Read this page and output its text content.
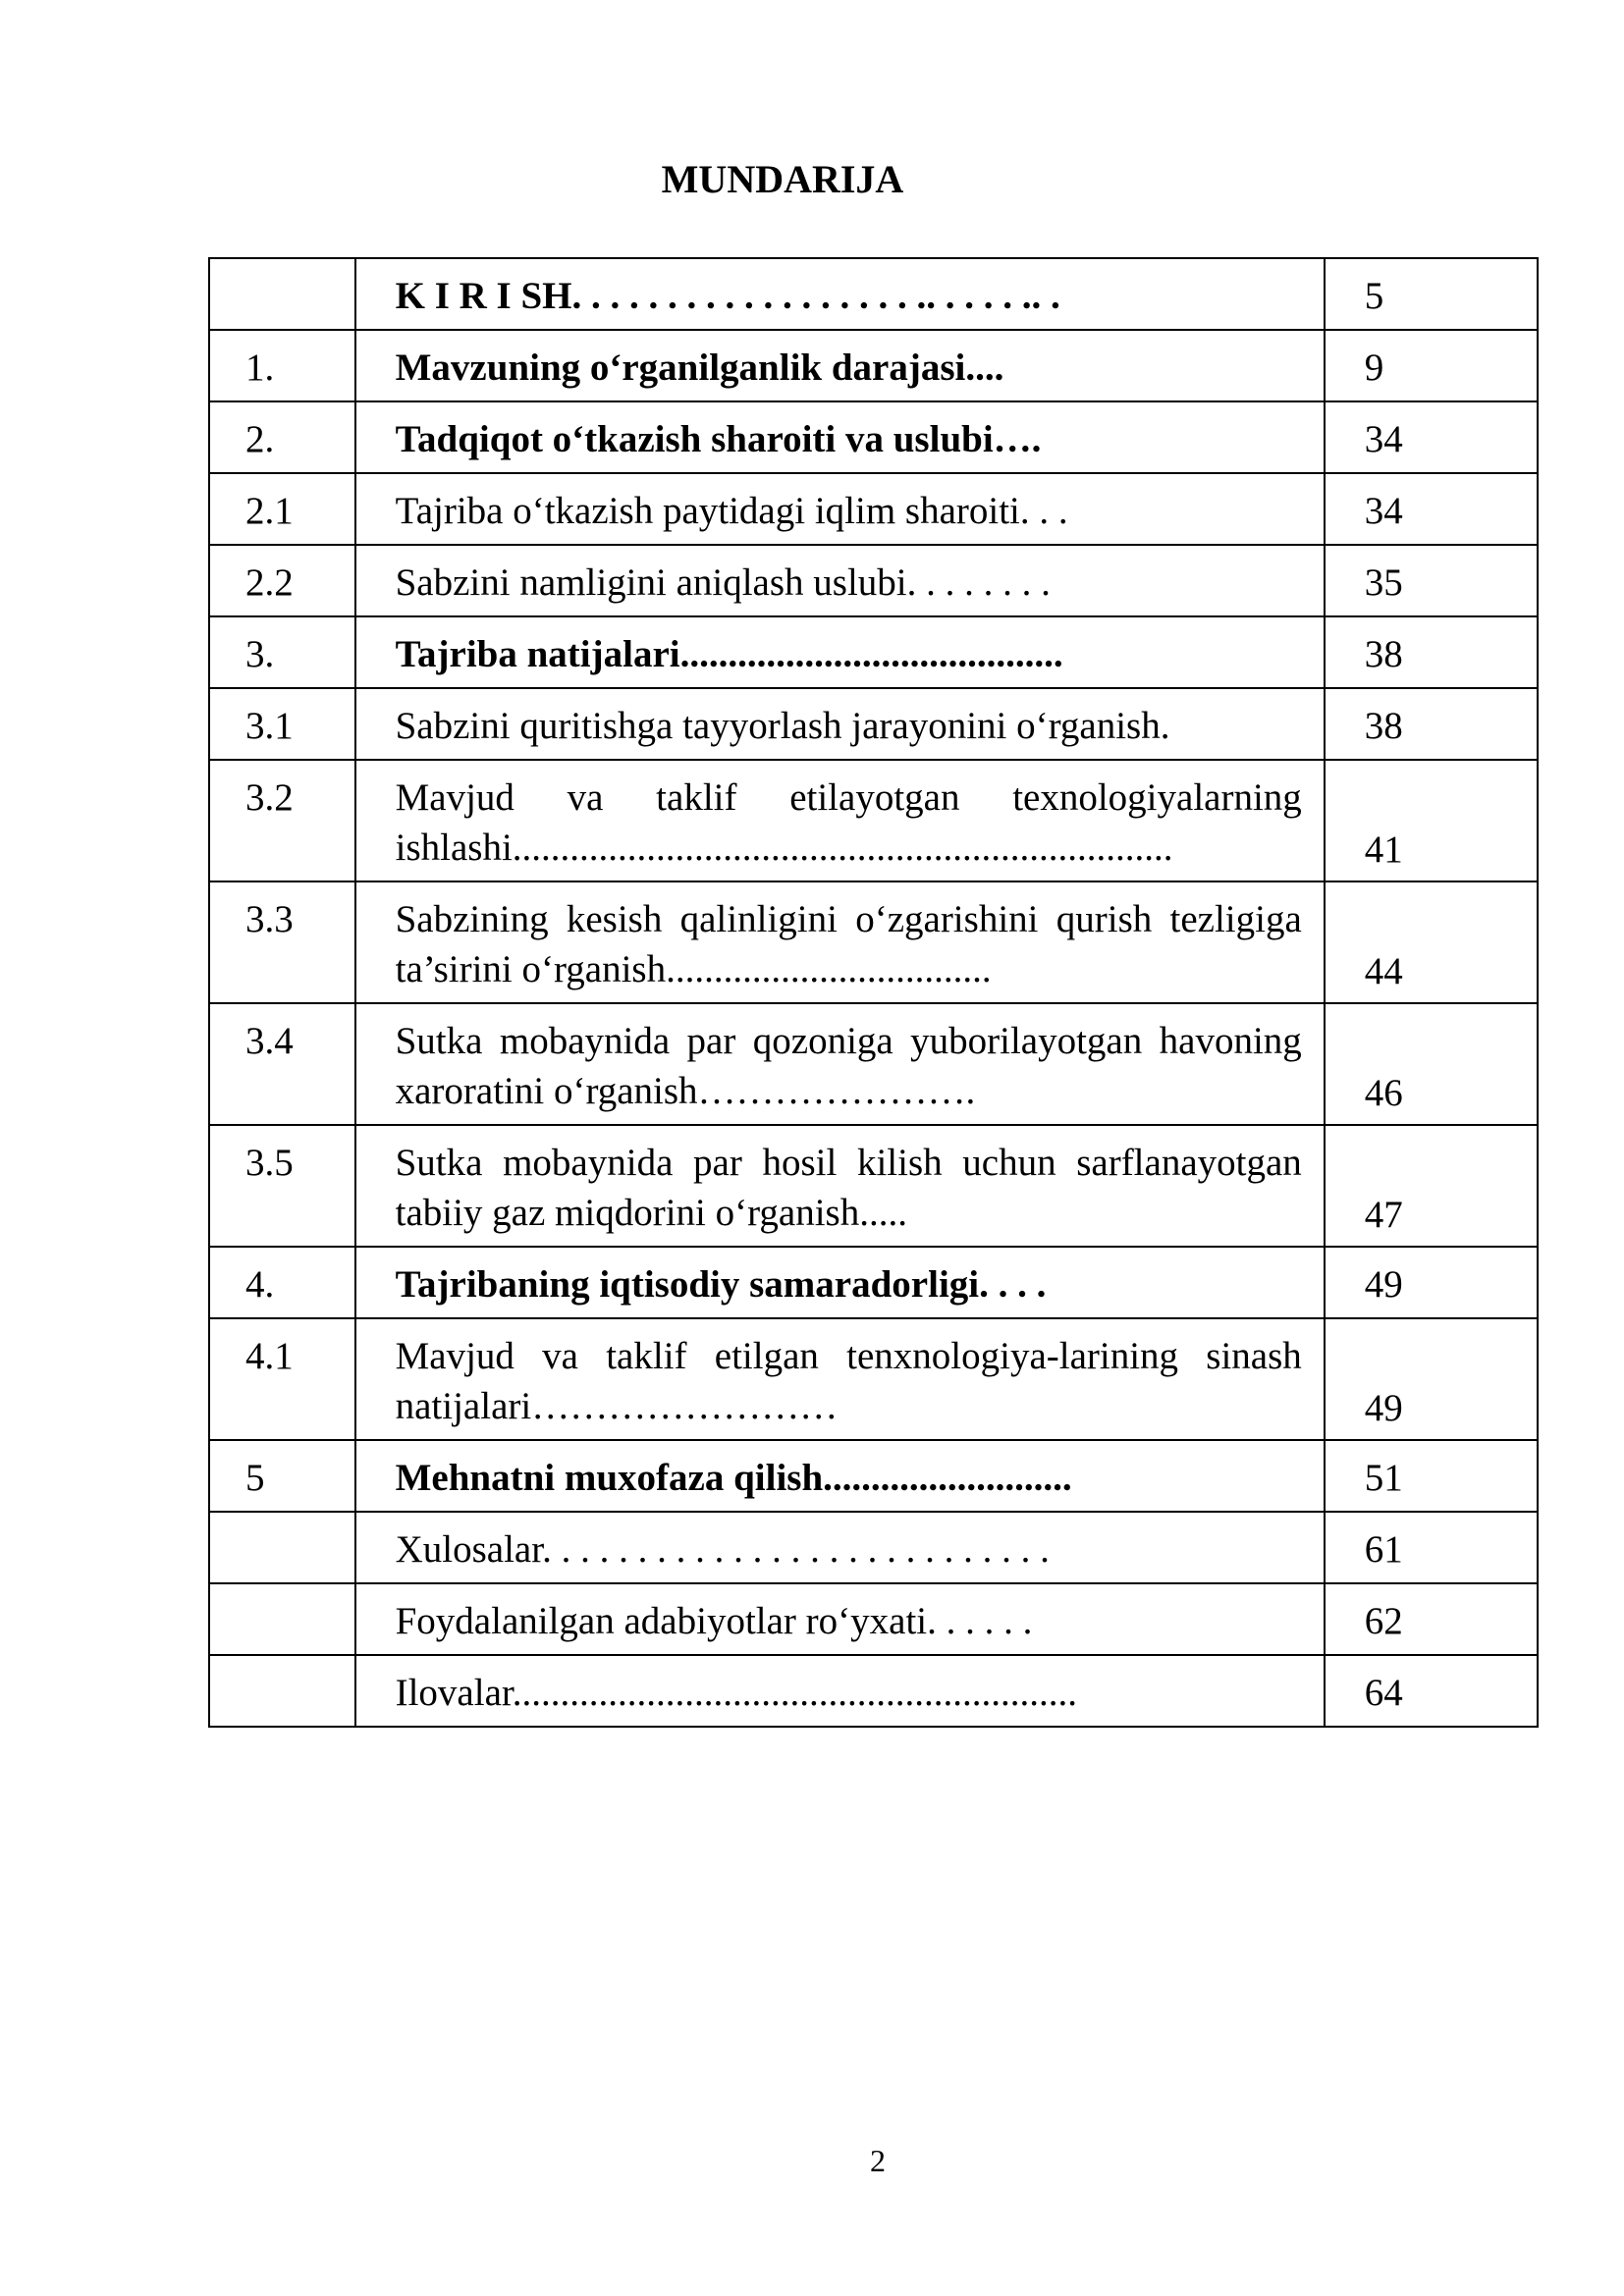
MUNDARIJA
	K I R I SH. . . . . . . . . . . . . . . . . . .. . . . . .. .	5
1.	Mavzuning o‘rganilganlik darajasi....	9
2.	Tadqiqot o‘tkazish sharoiti va uslubi….	34
2.1	Tajriba o‘tkazish paytidagi iqlim sharoiti. . .	34
2.2	Sabzini namligini aniqlash uslubi. . . . . . . .	35
3.	Tajriba natijalari........................................	38
3.1	Sabzini quritishga tayyorlash jarayonini o‘rganish.	38
3.2	Mavjud va taklif etilayotgan texnologiyalarning ishlashi.....................................................................	41
3.3	Sabzining kesish qalinligini o‘zgarishini qurish tezligiga ta’sirini o‘rganish..................................	44
3.4	Sutka mobaynida par qozoniga yuborilayotgan havoning xaroratini o‘rganish………………….	46
3.5	Sutka mobaynida par hosil kilish uchun sarflanayotgan tabiiy gaz miqdorini o‘rganish.....	47
4.	Tajribaning iqtisodiy samaradorligi. . . .	49
4.1	Mavjud va taklif etilgan tenxnologiya-larining sinash natijalari……………………	49
5	Mehnatni muxofaza qilish..........................	51
	Xulosalar. . . . . . . . . . . . . . . . . . . . . . . . . . .	61
	Foydalanilgan adabiyotlar ro‘yxati. . . . . .	62
	Ilovalar...........................................................	64
2
